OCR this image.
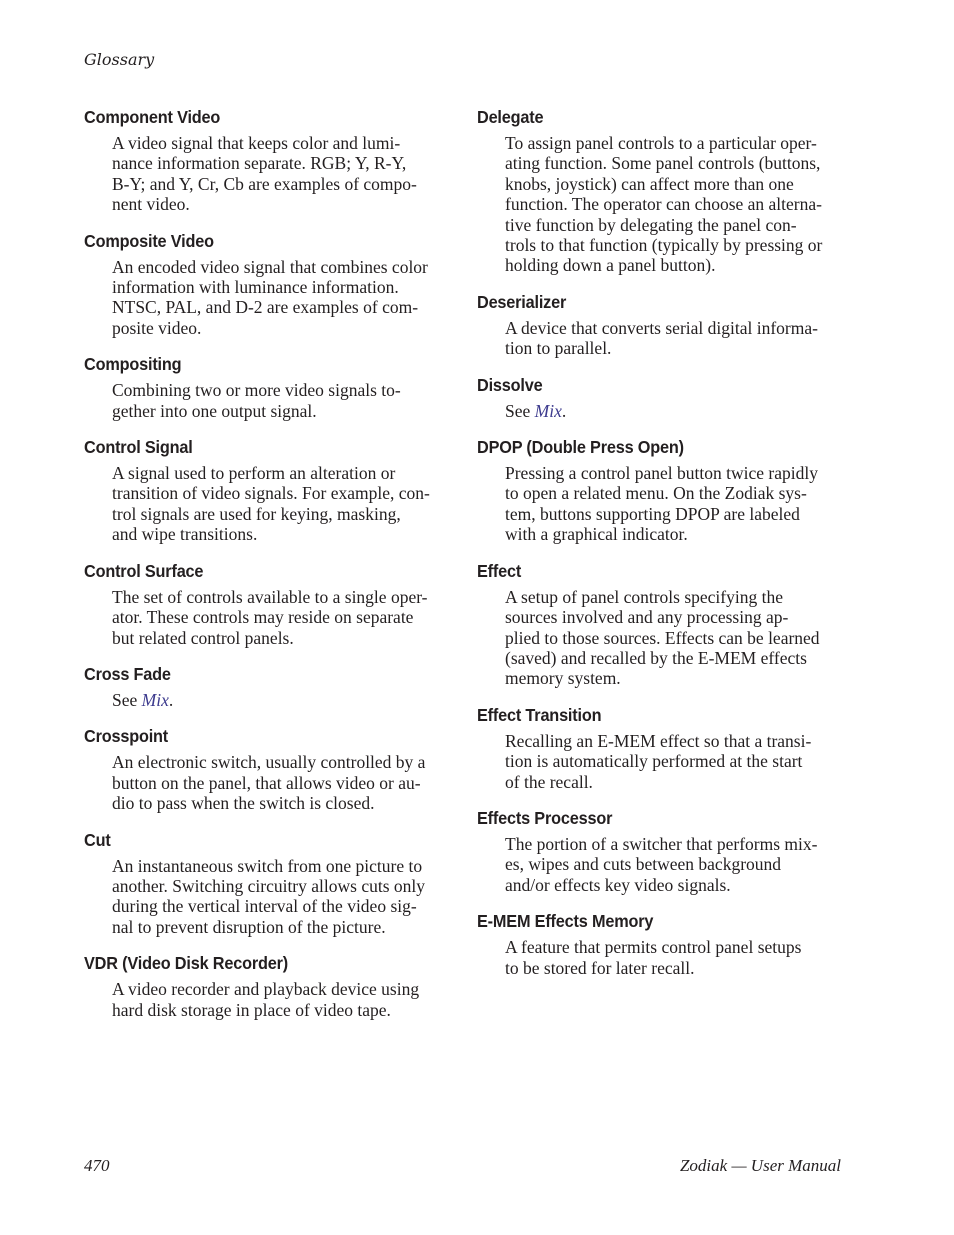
Glossary
Component Video
A video signal that keeps color and lumi-
nance information separate. RGB; Y, R-Y,
B-Y; and Y, Cr, Cb are examples of compo-
nent video.
Composite Video
An encoded video signal that combines color
information with luminance information.
NTSC, PAL, and D-2 are examples of com-
posite video.
Compositing
Combining two or more video signals to-
gether into one output signal.
Control Signal
A signal used to perform an alteration or
transition of video signals. For example, con-
trol signals are used for keying, masking,
and wipe transitions.
Control Surface
The set of controls available to a single oper-
ator. These controls may reside on separate
but related control panels.
Cross Fade
See Mix.
Crosspoint
An electronic switch, usually controlled by a
button on the panel, that allows video or au-
dio to pass when the switch is closed.
Cut
An instantaneous switch from one picture to
another. Switching circuitry allows cuts only
during the vertical interval of the video sig-
nal to prevent disruption of the picture.
VDR (Video Disk Recorder)
A video recorder and playback device using
hard disk storage in place of video tape.
Delegate
To assign panel controls to a particular oper-
ating function. Some panel controls (buttons,
knobs, joystick) can affect more than one
function. The operator can choose an alterna-
tive function by delegating the panel con-
trols to that function (typically by pressing or
holding down a panel button).
Deserializer
A device that converts serial digital informa-
tion to parallel.
Dissolve
See Mix.
DPOP (Double Press Open)
Pressing a control panel button twice rapidly
to open a related menu. On the Zodiak sys-
tem, buttons supporting DPOP are labeled
with a graphical indicator.
Effect
A setup of panel controls specifying the
sources involved and any processing ap-
plied to those sources. Effects can be learned
(saved) and recalled by the E-MEM effects
memory system.
Effect Transition
Recalling an E-MEM effect so that a transi-
tion is automatically performed at the start
of the recall.
Effects Processor
The portion of a switcher that performs mix-
es, wipes and cuts between background
and/or effects key video signals.
E-MEM Effects Memory
A feature that permits control panel setups
to be stored for later recall.
470	Zodiak — User Manual
